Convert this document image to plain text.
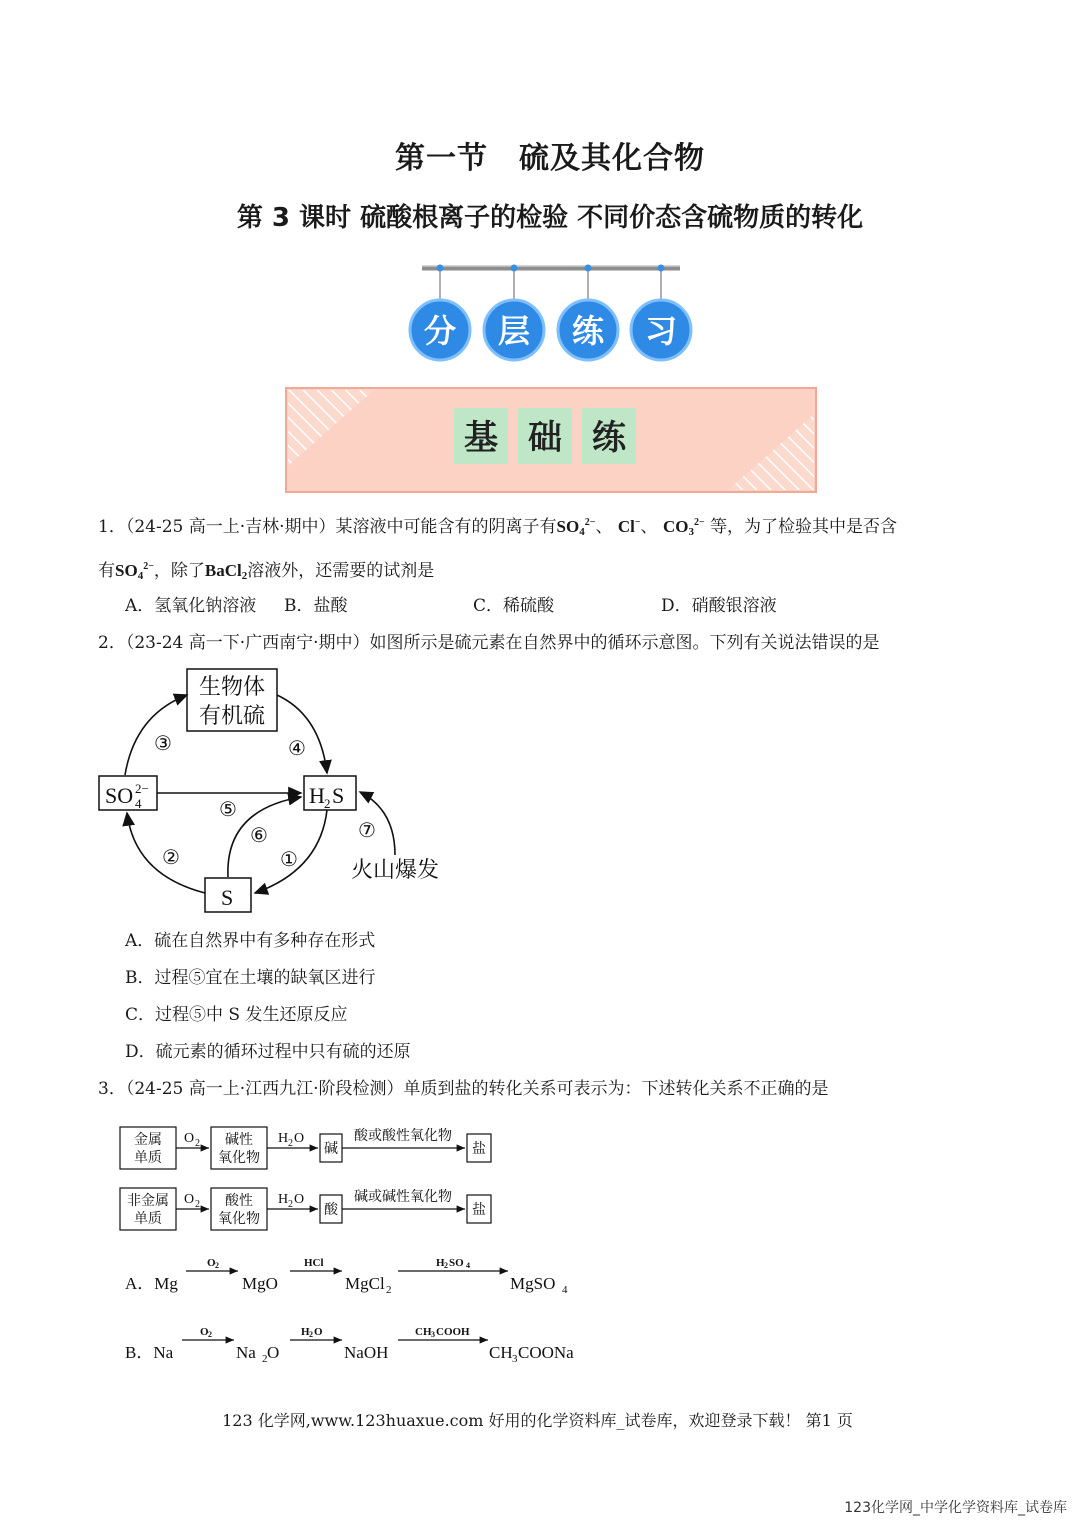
第一节　硫及其化合物
第 3 课时 硫酸根离子的检验 不同价态含硫物质的转化
分 层 练 习
基 础 练
1．（24-25 高一上·吉林·期中）某溶液中可能含有的阴离子有$SO_4^{2-}$、 Cl−、 $CO_3^{2-}$ 等，为了检验其中是否含
有$SO_4^{2-}$，除了BaCl$_2$溶液外，还需要的试剂是
A．氢氧化钠溶液 B．盐酸	C．稀硫酸	D．硝酸银溶液
2．（23-24 高一下·广西南宁·期中）如图所示是硫元素在自然界中的循环示意图。下列有关说法错误的是
生物体
有机硫
SO 2−
4	H 2 S
S
①
②
③	④
⑤
⑥	⑦
火山爆发
A．硫在自然界中有多种存在形式
B．过程⑤宜在土壤的缺氧区进行
C．过程⑤中 S 发生还原反应
D．硫元素的循环过程中只有硫的还原
3．（24-25 高一上·江西九江·阶段检测）单质到盐的转化关系可表示为：下述转化关系不正确的是
金属
单质
碱性
氧化物
碱	盐
酸或酸性氧化物
非金属
单质
酸性
氧化物
酸	盐
碱或碱性氧化物
O 2	H 2 O
O 2	H 2 O
A．Mg
O 2
MgO
HCl
MgCl 2
H 2 SO 4
MgSO 4
B．Na
O 2
Na 2 O
H 2 O
NaOH
CH 3 COOH
CH 3 COONa
123 化学网,www.123huaxue.com 好用的化学资料库_试卷库，欢迎登录下载！ 第1 页
123化学网_中学化学资料库_试卷库
